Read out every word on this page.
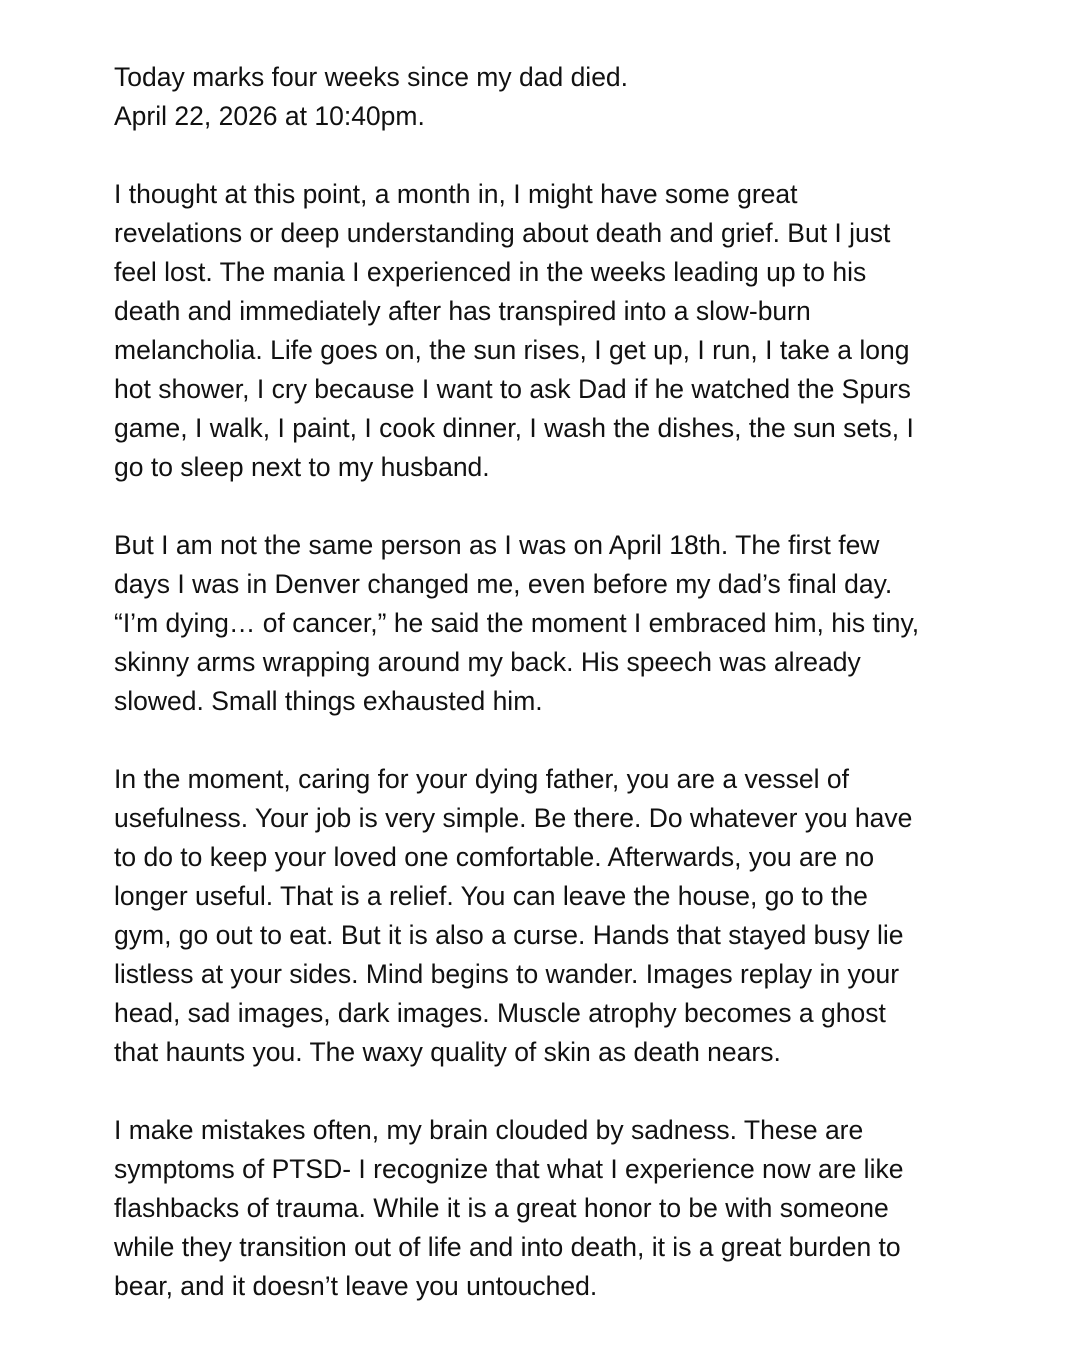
Today marks four weeks since my dad died.
April 22, 2026 at 10:40pm.

I thought at this point, a month in, I might have some great
revelations or deep understanding about death and grief. But I just
feel lost. The mania I experienced in the weeks leading up to his
death and immediately after has transpired into a slow-burn
melancholia. Life goes on, the sun rises, I get up, I run, I take a long
hot shower, I cry because I want to ask Dad if he watched the Spurs
game, I walk, I paint, I cook dinner, I wash the dishes, the sun sets, I
go to sleep next to my husband.

But I am not the same person as I was on April 18th. The first few
days I was in Denver changed me, even before my dad’s final day.
“I’m dying… of cancer,” he said the moment I embraced him, his tiny,
skinny arms wrapping around my back. His speech was already
slowed. Small things exhausted him.

In the moment, caring for your dying father, you are a vessel of
usefulness. Your job is very simple. Be there. Do whatever you have
to do to keep your loved one comfortable. Afterwards, you are no
longer useful. That is a relief. You can leave the house, go to the
gym, go out to eat. But it is also a curse. Hands that stayed busy lie
listless at your sides. Mind begins to wander. Images replay in your
head, sad images, dark images. Muscle atrophy becomes a ghost
that haunts you. The waxy quality of skin as death nears.

I make mistakes often, my brain clouded by sadness. These are
symptoms of PTSD- I recognize that what I experience now are like
flashbacks of trauma. While it is a great honor to be with someone
while they transition out of life and into death, it is a great burden to
bear, and it doesn’t leave you untouched.
